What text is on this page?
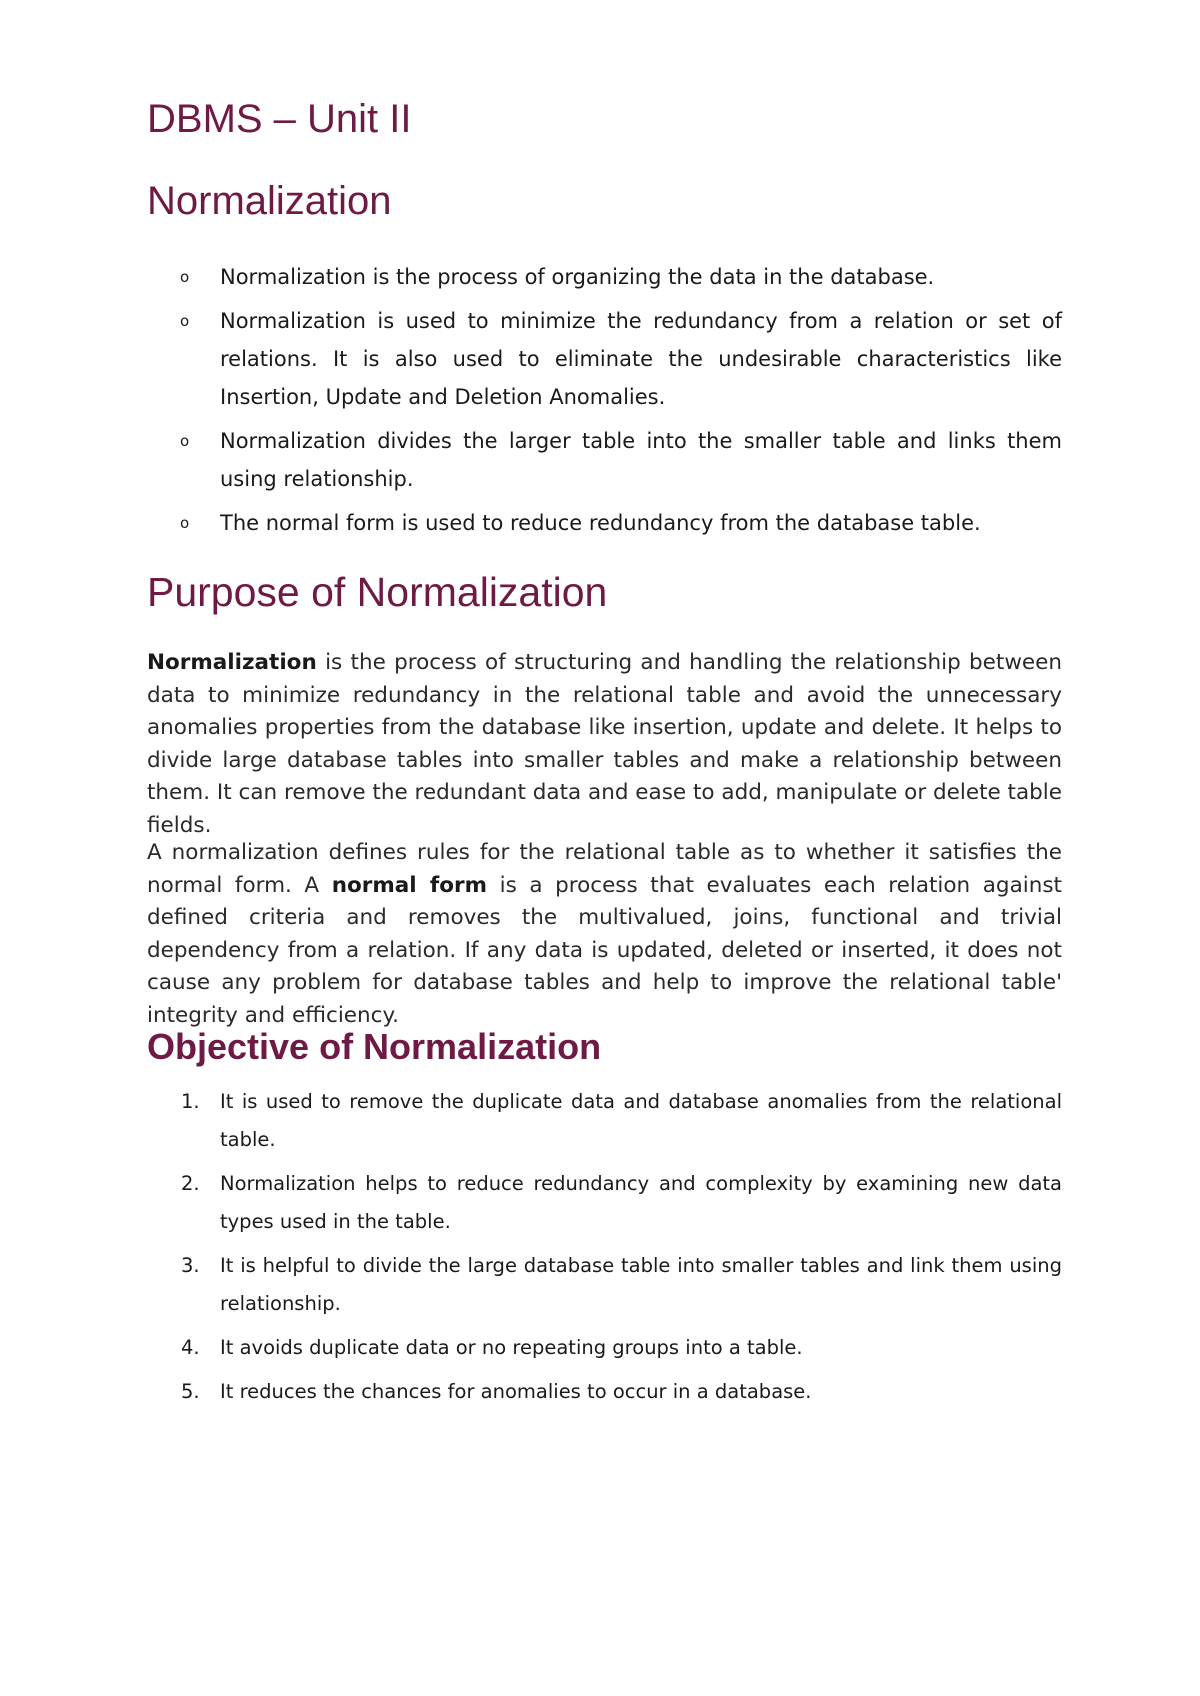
DBMS – Unit II
Normalization
o Normalization is the process of organizing the data in the database.
o Normalization is used to minimize the redundancy from a relation or set of relations. It is also used to eliminate the undesirable characteristics like Insertion, Update and Deletion Anomalies.
o Normalization divides the larger table into the smaller table and links them using relationship.
o The normal form is used to reduce redundancy from the database table.
Purpose of Normalization

Normalization is the process of structuring and handling the relationship between data to minimize redundancy in the relational table and avoid the unnecessary anomalies properties from the database like insertion, update and delete. It helps to divide large database tables into smaller tables and make a relationship between them. It can remove the redundant data and ease to add, manipulate or delete table fields.

A normalization defines rules for the relational table as to whether it satisfies the normal form. A normal form is a process that evaluates each relation against defined criteria and removes the multivalued, joins, functional and trivial dependency from a relation. If any data is updated, deleted or inserted, it does not cause any problem for database tables and help to improve the relational table' integrity and efficiency.

Objective of Normalization
1. It is used to remove the duplicate data and database anomalies from the relational table.
2. Normalization helps to reduce redundancy and complexity by examining new data types used in the table.
3. It is helpful to divide the large database table into smaller tables and link them using relationship.
4. It avoids duplicate data or no repeating groups into a table.
5. It reduces the chances for anomalies to occur in a database.
